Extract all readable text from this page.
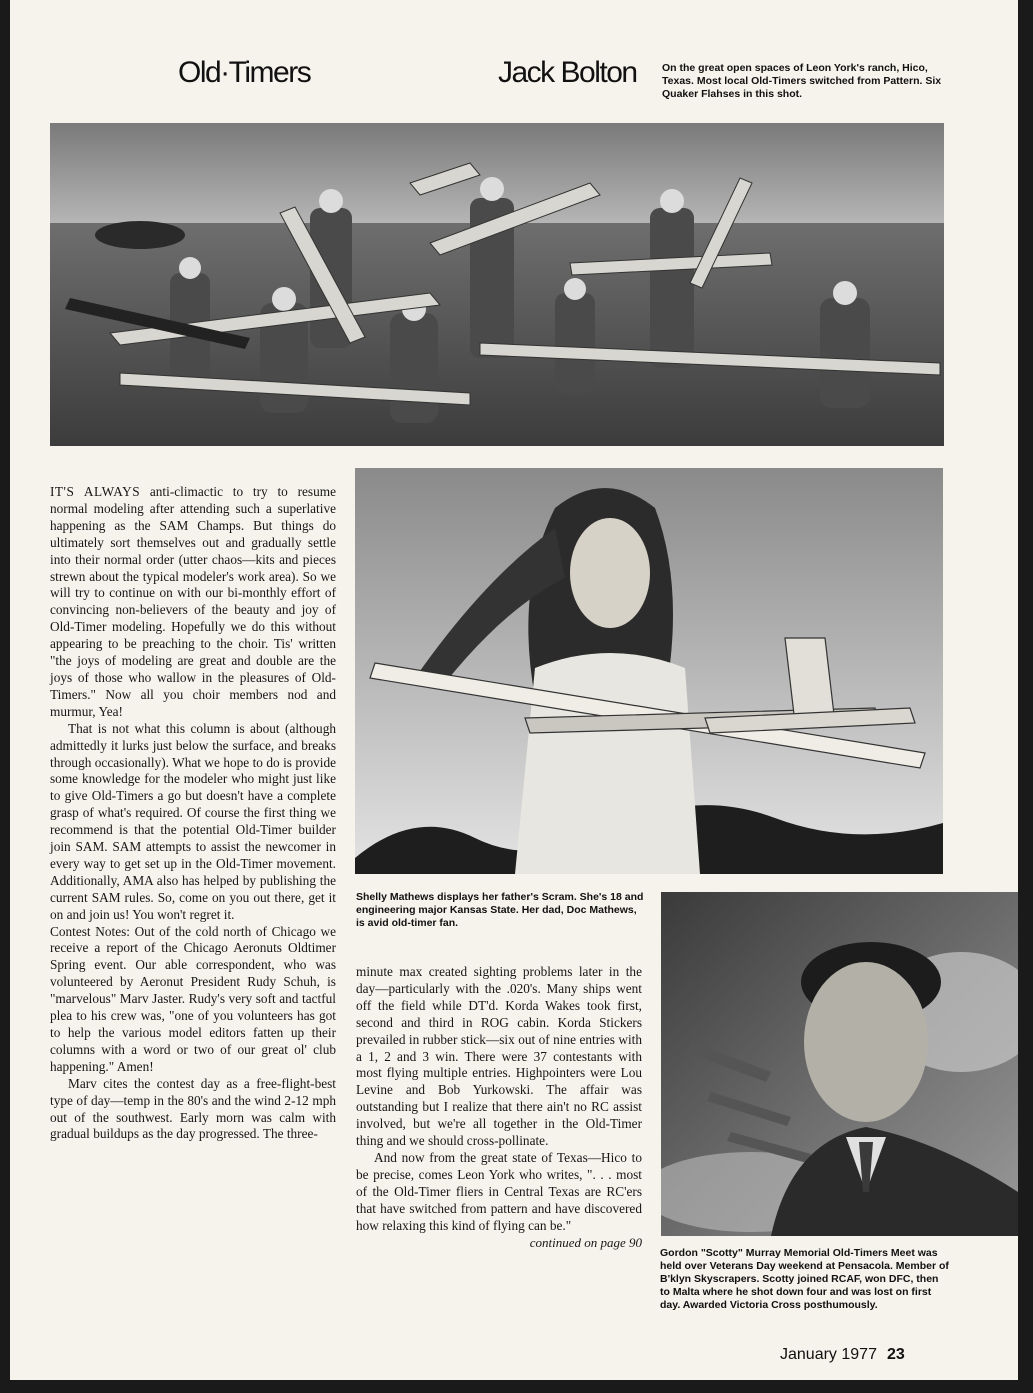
Old·Timers	Jack Bolton On the great open spaces of Leon York's ranch, Hico, Texas. Most local Old-Timers switched from Pattern. Six Quaker Flahses in this shot.
Shelly Mathews displays her father's Scram. She's 18 and engineering major Kansas State. Her dad, Doc Mathews, is avid old-timer fan.
Gordon "Scotty" Murray Memorial Old-Timers Meet was held over Veterans Day weekend at Pensacola. Member of B'klyn Skyscrapers. Scotty joined RCAF, won DFC, then to Malta where he shot down four and was lost on first day. Awarded Victoria Cross posthumously.

IT'S ALWAYS anti-climactic to try to resume normal modeling after attending such a superlative happening as the SAM Champs. But things do ultimately sort themselves out and gradually settle into their normal order (utter chaos—kits and pieces strewn about the typical modeler's work area). So we will try to continue on with our bi-monthly effort of convincing non-believers of the beauty and joy of Old-Timer modeling. Hopefully we do this without appearing to be preaching to the choir. Tis' written "the joys of modeling are great and double are the joys of those who wallow in the pleasures of Old-Timers." Now all you choir members nod and murmur, Yea!

That is not what this column is about (although admittedly it lurks just below the surface, and breaks through occasionally). What we hope to do is provide some knowledge for the modeler who might just like to give Old-Timers a go but doesn't have a complete grasp of what's required. Of course the first thing we recommend is that the potential Old-Timer builder join SAM. SAM attempts to assist the newcomer in every way to get set up in the Old-Timer movement. Additionally, AMA also has helped by publishing the current SAM rules. So, come on you out there, get it on and join us! You won't regret it.

Contest Notes: Out of the cold north of Chicago we receive a report of the Chicago Aeronuts Oldtimer Spring event. Our able correspondent, who was volunteered by Aeronut President Rudy Schuh, is "marvelous" Marv Jaster. Rudy's very soft and tactful plea to his crew was, "one of you volunteers has got to help the various model editors fatten up their columns with a word or two of our great ol' club happening." Amen!

Marv cites the contest day as a free-flight-best type of day—temp in the 80's and the wind 2-12 mph out of the southwest. Early morn was calm with gradual buildups as the day progressed. The three-

minute max created sighting problems later in the day—particularly with the .020's. Many ships went off the field while DT'd. Korda Wakes took first, second and third in ROG cabin. Korda Stickers prevailed in rubber stick—six out of nine entries with a 1, 2 and 3 win. There were 37 contestants with most flying multiple entries. Highpointers were Lou Levine and Bob Yurkowski. The affair was outstanding but I realize that there ain't no RC assist involved, but we're all together in the Old-Timer thing and we should cross-pollinate.

And now from the great state of Texas—Hico to be precise, comes Leon York who writes, ". . . most of the Old-Timer fliers in Central Texas are RC'ers that have switched from pattern and have discovered how relaxing this kind of flying can be."

continued on page 90

January 1977 23
